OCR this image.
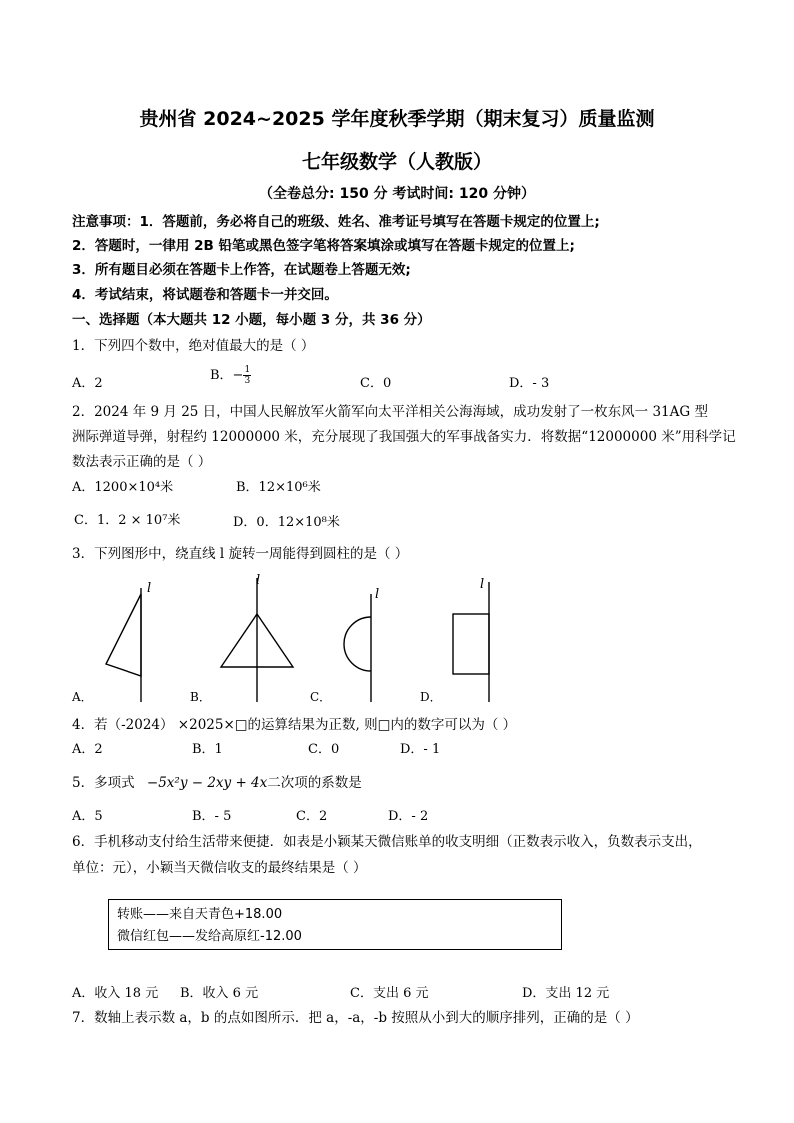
贵州省 2024~2025 学年度秋季学期（期末复习）质量监测
七年级数学（人教版）
（全卷总分: 150 分 考试时间: 120 分钟）
注意事项：1．答题前，务必将自己的班级、姓名、准考证号填写在答题卡规定的位置上;
2．答题时，一律用 2B 铅笔或黑色签字笔将答案填涂或填写在答题卡规定的位置上;
3．所有题目必须在答题卡上作答，在试题卷上答题无效;
4．考试结束，将试题卷和答题卡一并交回。
一、选择题（本大题共 12 小题，每小题 3 分，共 36 分）
1．下列四个数中，绝对值最大的是（ ）
A．2
B．− $\frac{1}{3}$	C．0	D．- 3
2．2024 年 9 月 25 日，中国人民解放军火箭军向太平洋相关公海海域，成功发射了一枚东风一 31AG 型
洲际弹道导弹，射程约 12000000 米，充分展现了我国强大的军事战备实力．将数据“12000000 米”用科学记
数法表示正确的是（ ）
A．1200×10⁴米	B．12×10⁶米
C．1．2 × 10⁷米	D．0．12×10⁸米
3．下列图形中，绕直线 l 旋转一周能得到圆柱的是（ ）
l
l
l
l
A．	B．	C．	D．
4．若（-2024） ×2025×□的运算结果为正数, 则□内的数字可以为（ ）
A．2	B．1	C．0	D．- 1
5．多项式 −5x²y − 2xy + 4x二次项的系数是
A．5	B．- 5	C．2	D．- 2
6．手机移动支付给生活带来便捷．如表是小颖某天微信账单的收支明细（正数表示收入，负数表示支出，
单位：元），小颖当天微信收支的最终结果是（ ）
转账——来自天青色+18.00
微信红包——发给高原红-12.00
A．收入 18 元 B．收入 6 元	C．支出 6 元	D．支出 12 元
7．数轴上表示数 a，b 的点如图所示．把 a，-a，-b 按照从小到大的顺序排列，正确的是（ ）
